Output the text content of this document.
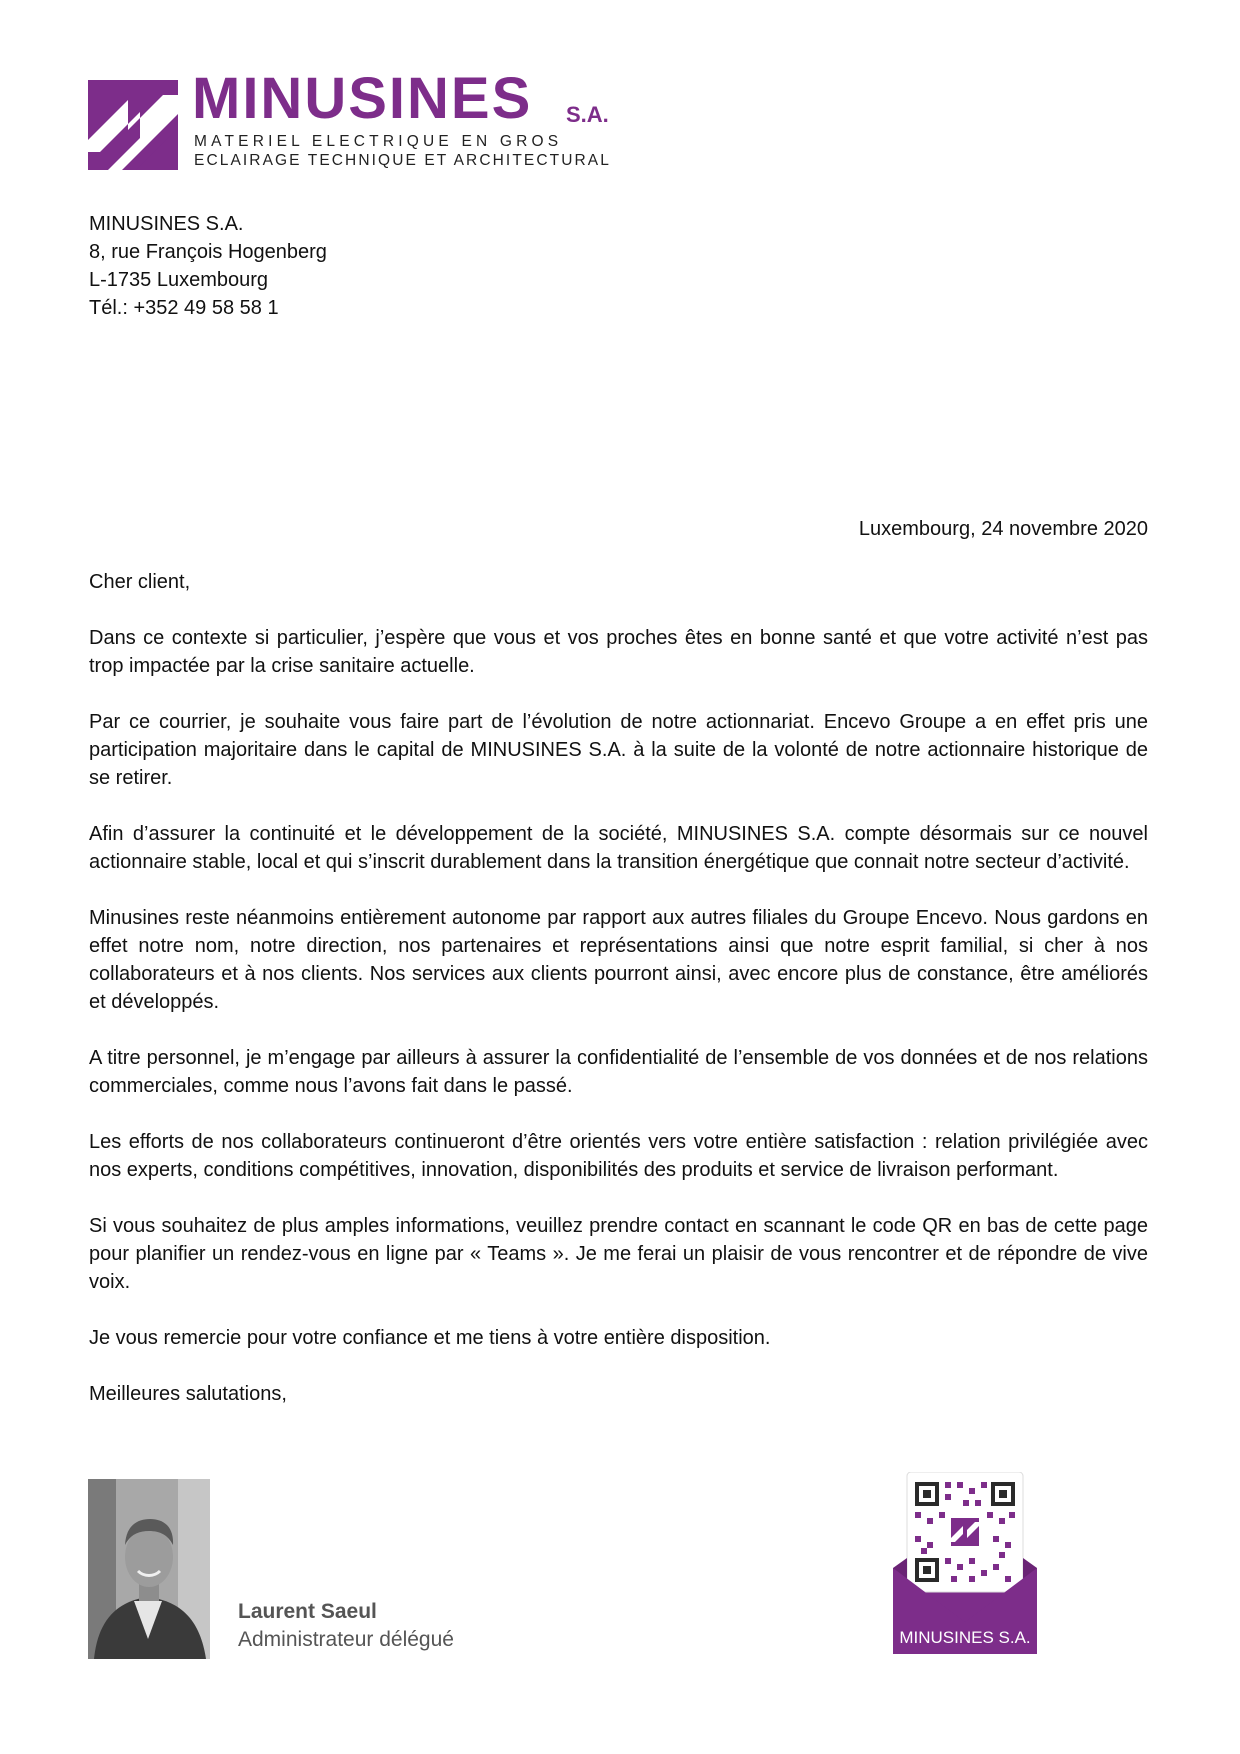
MINUSINES S.A.
MATERIEL ELECTRIQUE EN GROS
ECLAIRAGE TECHNIQUE ET ARCHITECTURAL
MINUSINES S.A.
8, rue François Hogenberg
L-1735 Luxembourg
Tél.: +352 49 58 58 1
Luxembourg, 24 novembre 2020

Cher client,

Dans ce contexte si particulier, j’espère que vous et vos proches êtes en bonne santé et que votre activité n’est pas trop impactée par la crise sanitaire actuelle.

Par ce courrier, je souhaite vous faire part de l’évolution de notre actionnariat. Encevo Groupe a en effet pris une participation majoritaire dans le capital de MINUSINES S.A. à la suite de la volonté de notre actionnaire historique de se retirer.

Afin d’assurer la continuité et le développement de la société, MINUSINES S.A. compte désormais sur ce nouvel actionnaire stable, local et qui s’inscrit durablement dans la transition énergétique que connait notre secteur d’activité.

Minusines reste néanmoins entièrement autonome par rapport aux autres filiales du Groupe Encevo. Nous gardons en effet notre nom, notre direction, nos partenaires et représentations ainsi que notre esprit familial, si cher à nos collaborateurs et à nos clients. Nos services aux clients pourront ainsi, avec encore plus de constance, être améliorés et développés.

A titre personnel, je m’engage par ailleurs à assurer la confidentialité de l’ensemble de vos données et de nos relations commerciales, comme nous l’avons fait dans le passé.

Les efforts de nos collaborateurs continueront d’être orientés vers votre entière satisfaction : relation privilégiée avec nos experts, conditions compétitives, innovation, disponibilités des produits et service de livraison performant.

Si vous souhaitez de plus amples informations, veuillez prendre contact en scannant le code QR en bas de cette page pour planifier un rendez-vous en ligne par « Teams ». Je me ferai un plaisir de vous rencontrer et de répondre de vive voix.

Je vous remercie pour votre confiance et me tiens à votre entière disposition.

Meilleures salutations,

Laurent Saeul
Administrateur délégué	MINUSINES S.A.
